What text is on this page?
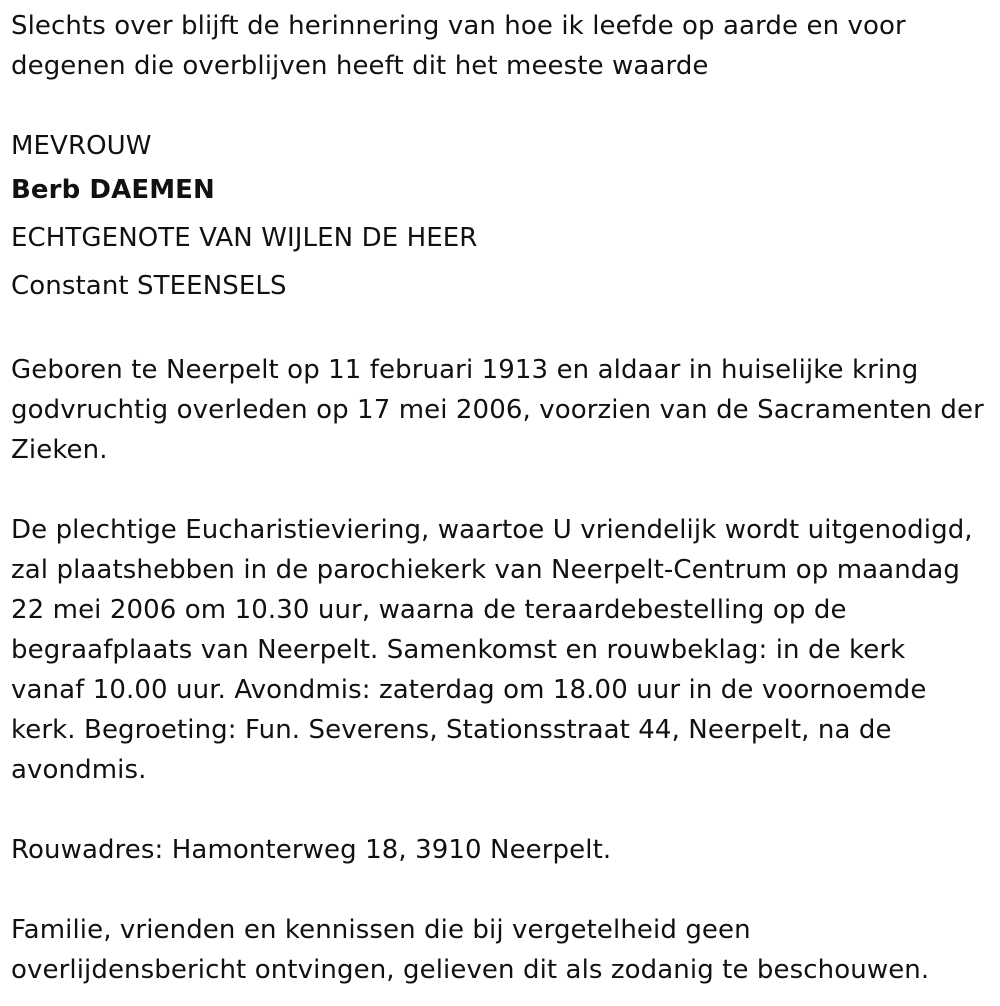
Slechts over blijft de herinnering van hoe ik leefde op aarde en voor

degenen die overblijven heeft dit het meeste waarde

MEVROUW

Berb DAEMEN

ECHTGENOTE VAN WIJLEN DE HEER

Constant STEENSELS

Geboren te Neerpelt op 11 februari 1913 en aldaar in huiselijke kring

godvruchtig overleden op 17 mei 2006, voorzien van de Sacramenten der

Zieken.

De plechtige Eucharistieviering, waartoe U vriendelijk wordt uitgenodigd,

zal plaatshebben in de parochiekerk van Neerpelt-Centrum op maandag

22 mei 2006 om 10.30 uur, waarna de teraardebestelling op de

begraafplaats van Neerpelt. Samenkomst en rouwbeklag: in de kerk

vanaf 10.00 uur. Avondmis: zaterdag om 18.00 uur in de voornoemde

kerk. Begroeting: Fun. Severens, Stationsstraat 44, Neerpelt, na de

avondmis.

Rouwadres: Hamonterweg 18, 3910 Neerpelt.

Familie, vrienden en kennissen die bij vergetelheid geen

overlijdensbericht ontvingen, gelieven dit als zodanig te beschouwen.
